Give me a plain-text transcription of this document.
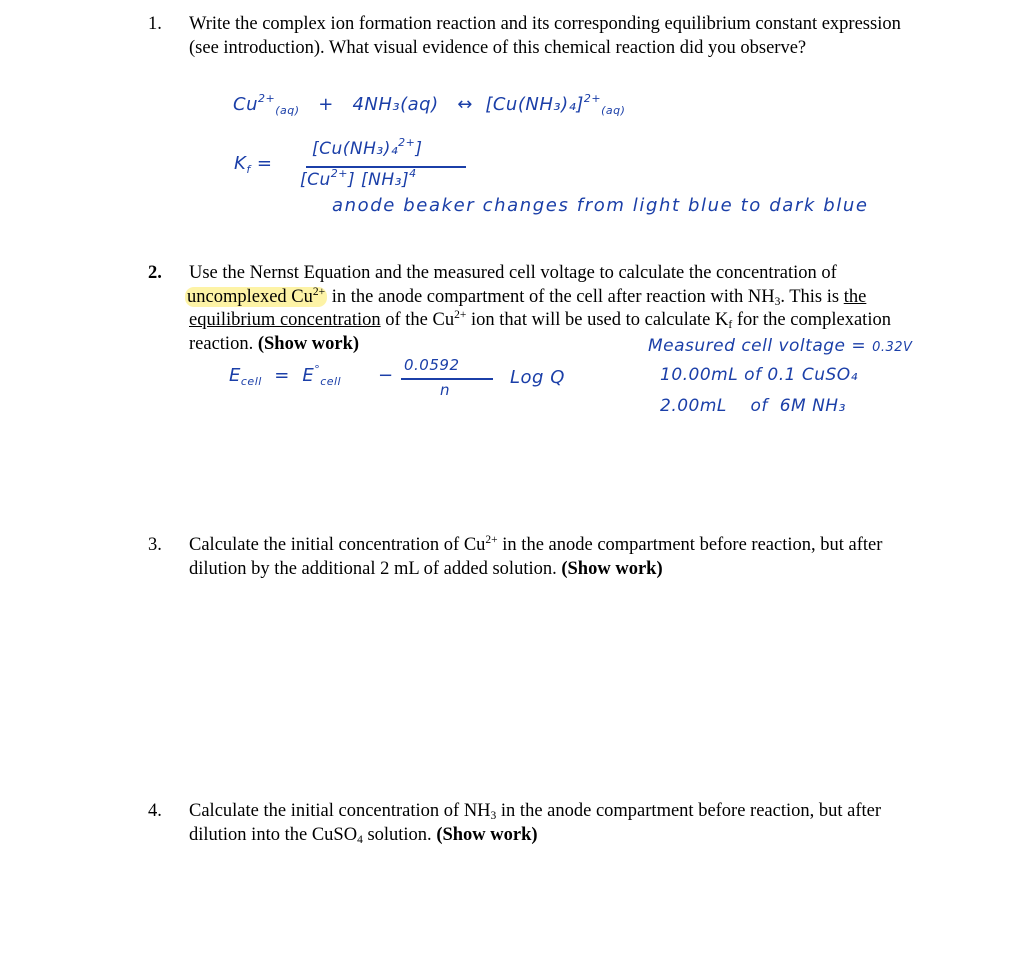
1. Write the complex ion formation reaction and its corresponding equilibrium constant expression (see introduction). What visual evidence of this chemical reaction did you observe?
$Cu^{2+}_{(aq)} + 4NH_3(aq)$ ↔ $[Cu(NH_3)_4]^{2+}_{(aq)}$
$K_f$ =
[Cu(NH₃)₄$^{2+}$]
$[Cu^{2+}]$ $[NH_3]^4$
anode beaker changes from light blue to dark blue
2. Use the Nernst Equation and the measured cell voltage to calculate the concentration of uncomplexed $Cu^{2+}$ in the anode compartment of the cell after reaction with $NH_3$. This is the equilibrium concentration of the $Cu^{2+}$ ion that will be used to calculate $K_f$ for the complexation reaction. (Show work)
$E_{cell} = E^\circ_{cell} - 0.0592$
n
Log Q
Measured cell voltage = 0.32V
10.00mL of 0.1 CuSO₄
2.00mL    of  6M NH₃
3. Calculate the initial concentration of $Cu^{2+}$ in the anode compartment before reaction, but after dilution by the additional 2 mL of added solution. (Show work)
4. Calculate the initial concentration of $NH_3$ in the anode compartment before reaction, but after dilution into the CuSO$_4$ solution. (Show work)
